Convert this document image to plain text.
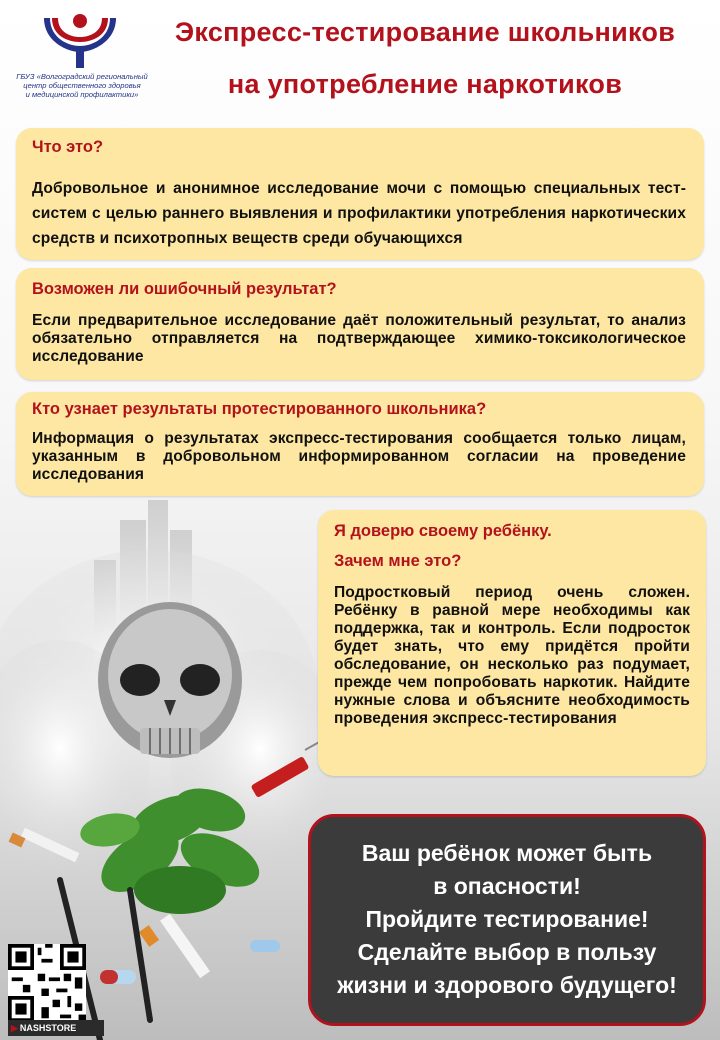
ГБУЗ «Волгоградский региональный
центр общественного здоровья
и медицинской профилактики»
Экспресс-тестирование школьников
на употребление наркотиков
Что это?

Добровольное и анонимное исследование мочи с помощью специальных тест-систем с целью раннего выявления и профилактики употребления наркотических средств и психотропных веществ среди обучающихся

Возможен ли ошибочный результат?

Если предварительное исследование даёт положительный результат, то анализ обязательно отправляется на подтверждающее химико-токсикологическое исследование

Кто узнает результаты протестированного школьника?

Информация о результатах экспресс-тестирования сообщается только лицам, указанным в добровольном информированном согласии на проведение исследования

Я доверю своему ребёнку.
Зачем мне это?

Подростковый период очень сложен. Ребёнку в равной мере необходимы как поддержка, так и контроль. Если подросток будет знать, что ему придётся пройти обследование, он несколько раз подумает, прежде чем попробовать наркотик. Найдите нужные слова и объясните необходимость проведения экспресс-тестирования

Ваш ребёнок может быть
в опасности!
Пройдите тестирование!
Сделайте выбор в пользу
жизни и здорового будущего!
▶ NASHSTORE
